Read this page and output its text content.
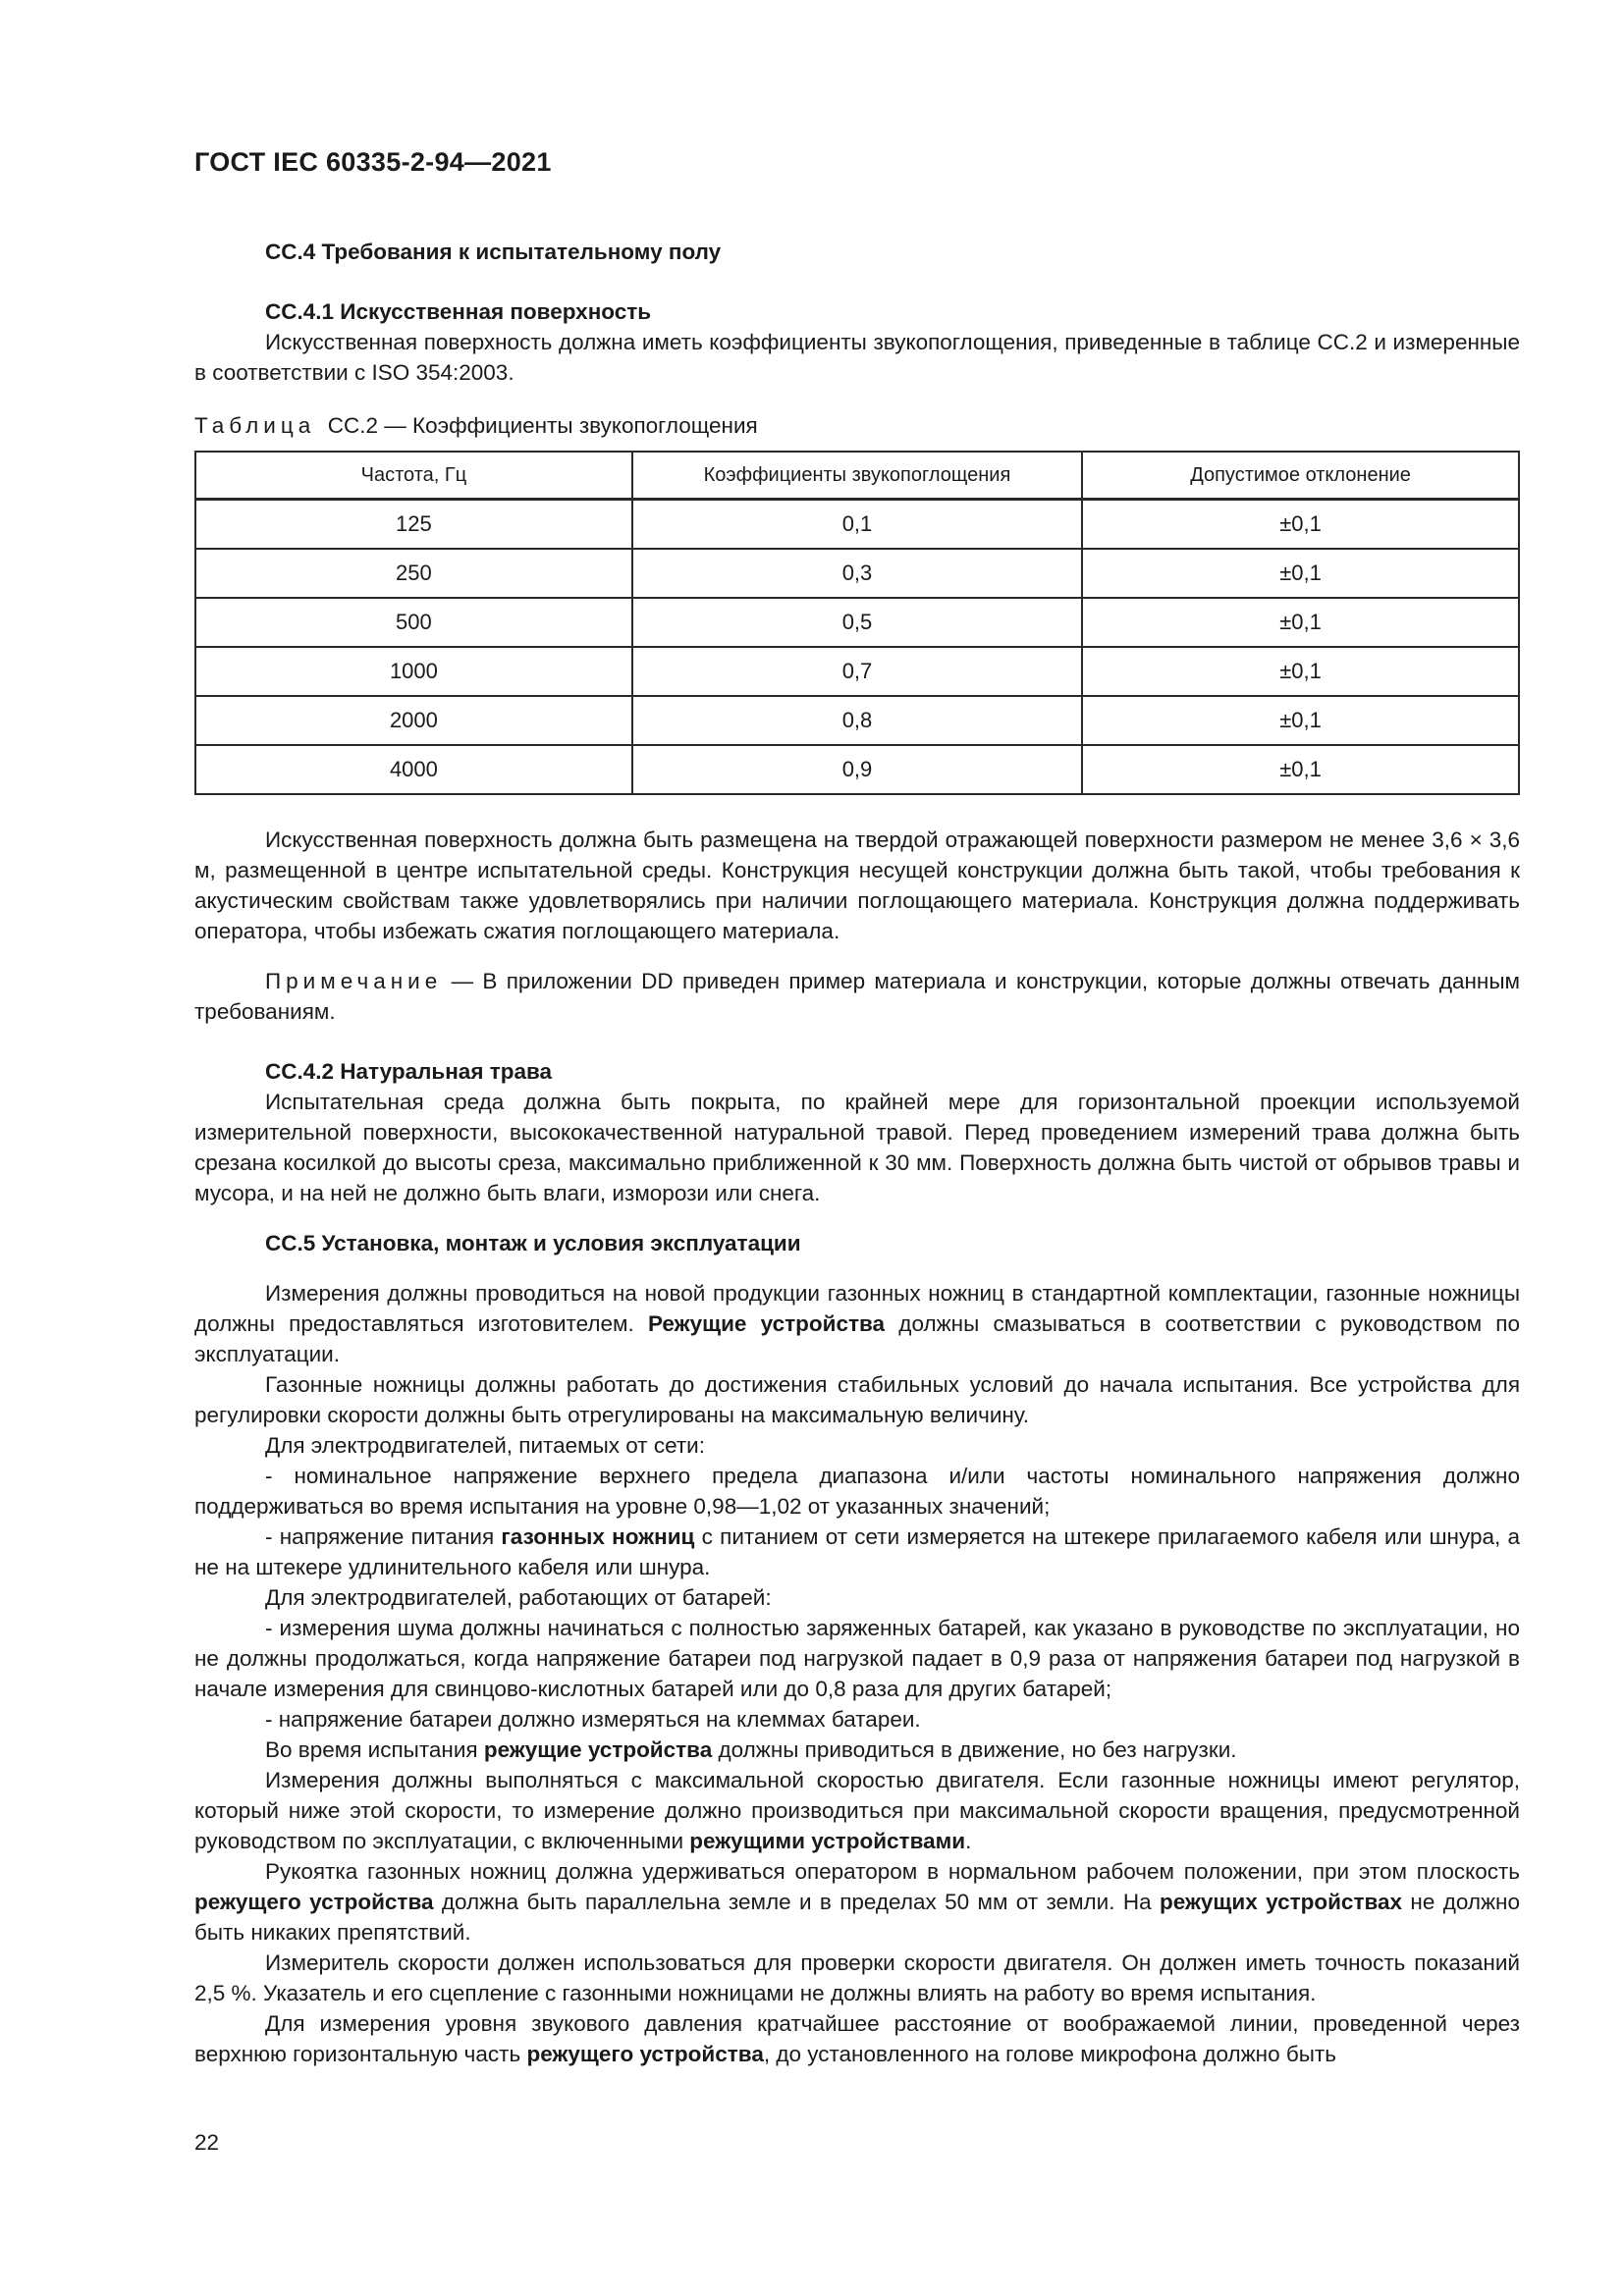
ГОСТ IEC 60335-2-94—2021

СС.4 Требования к испытательному полу

СС.4.1 Искусственная поверхность

Искусственная поверхность должна иметь коэффициенты звукопоглощения, приведенные в таблице СС.2 и измеренные в соответствии с ISO 354:2003.

Таблица СС.2 — Коэффициенты звукопоглощения
Частота, Гц	Коэффициенты звукопоглощения	Допустимое отклонение
125	0,1	±0,1
250	0,3	±0,1
500	0,5	±0,1
1000	0,7	±0,1
2000	0,8	±0,1
4000	0,9	±0,1

Искусственная поверхность должна быть размещена на твердой отражающей поверхности размером не менее 3,6 × 3,6 м, размещенной в центре испытательной среды. Конструкция несущей конструкции должна быть такой, чтобы требования к акустическим свойствам также удовлетворялись при наличии поглощающего материала. Конструкция должна поддерживать оператора, чтобы избежать сжатия поглощающего материала.

Примечание — В приложении DD приведен пример материала и конструкции, которые должны отвечать данным требованиям.

СС.4.2 Натуральная трава

Испытательная среда должна быть покрыта, по крайней мере для горизонтальной проекции используемой измерительной поверхности, высококачественной натуральной травой. Перед проведением измерений трава должна быть срезана косилкой до высоты среза, максимально приближенной к 30 мм. Поверхность должна быть чистой от обрывов травы и мусора, и на ней не должно быть влаги, изморози или снега.

СС.5 Установка, монтаж и условия эксплуатации

Измерения должны проводиться на новой продукции газонных ножниц в стандартной комплектации, газонные ножницы должны предоставляться изготовителем. Режущие устройства должны смазываться в соответствии с руководством по эксплуатации.

Газонные ножницы должны работать до достижения стабильных условий до начала испытания. Все устройства для регулировки скорости должны быть отрегулированы на максимальную величину.

Для электродвигателей, питаемых от сети:

- номинальное напряжение верхнего предела диапазона и/или частоты номинального напряжения должно поддерживаться во время испытания на уровне 0,98—1,02 от указанных значений;

- напряжение питания газонных ножниц с питанием от сети измеряется на штекере прилагаемого кабеля или шнура, а не на штекере удлинительного кабеля или шнура.

Для электродвигателей, работающих от батарей:

- измерения шума должны начинаться с полностью заряженных батарей, как указано в руководстве по эксплуатации, но не должны продолжаться, когда напряжение батареи под нагрузкой падает в 0,9 раза от напряжения батареи под нагрузкой в начале измерения для свинцово-кислотных батарей или до 0,8 раза для других батарей;

- напряжение батареи должно измеряться на клеммах батареи.

Во время испытания режущие устройства должны приводиться в движение, но без нагрузки.

Измерения должны выполняться с максимальной скоростью двигателя. Если газонные ножницы имеют регулятор, который ниже этой скорости, то измерение должно производиться при максимальной скорости вращения, предусмотренной руководством по эксплуатации, с включенными режущими устройствами.

Рукоятка газонных ножниц должна удерживаться оператором в нормальном рабочем положении, при этом плоскость режущего устройства должна быть параллельна земле и в пределах 50 мм от земли. На режущих устройствах не должно быть никаких препятствий.

Измеритель скорости должен использоваться для проверки скорости двигателя. Он должен иметь точность показаний 2,5 %. Указатель и его сцепление с газонными ножницами не должны влиять на работу во время испытания.

Для измерения уровня звукового давления кратчайшее расстояние от воображаемой линии, проведенной через верхнюю горизонтальную часть режущего устройства, до установленного на голове микрофона должно быть

22
